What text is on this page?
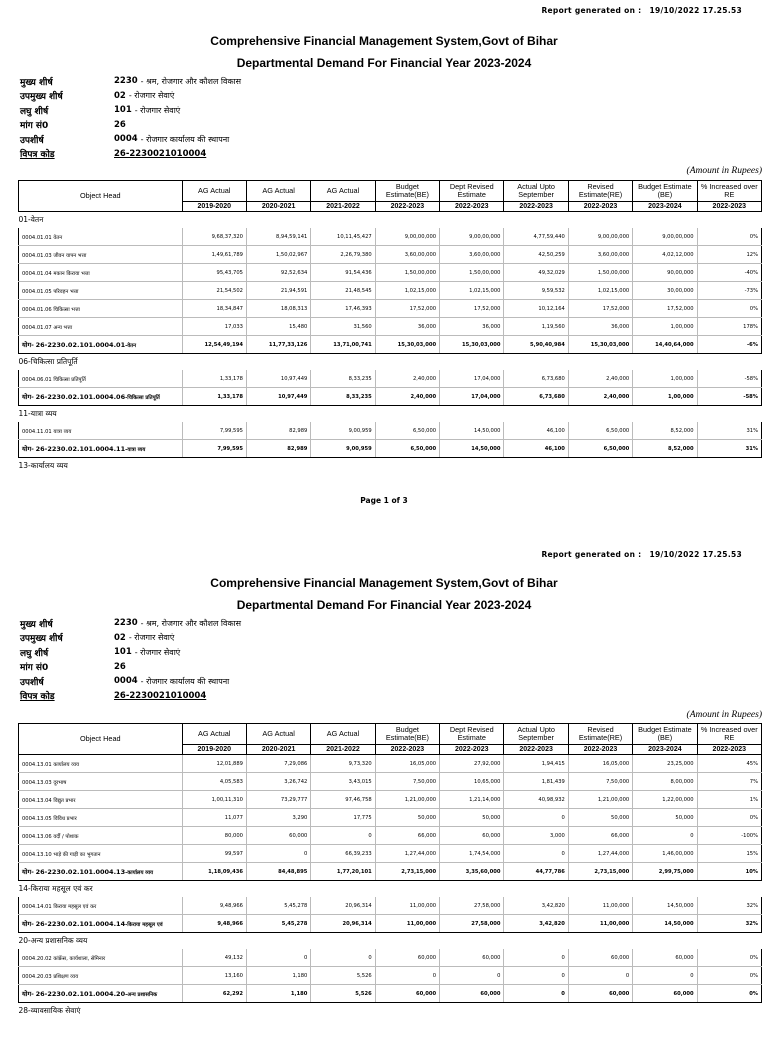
Report generated on : 19/10/2022 17.25.53
Comprehensive Financial Management System,Govt of Bihar
Departmental Demand For Financial Year 2023-2024
मुख्य शीर्ष	2230 - श्रम, रोजगार और कौशल विकास
उपमुख्य शीर्ष	02 - रोजगार सेवाएं
लघु शीर्ष	101 - रोजगार सेवाएं
मांग सं0	26
उपशीर्ष	0004 - रोजगार कार्यालय की स्थापना
विपत्र कोड	26-2230021010004
(Amount in Rupees)
Object Head	AG Actual	AG Actual	AG Actual	Budget Estimate(BE)	Dept Revised Estimate	Actual Upto September	Revised Estimate(RE)	Budget Estimate (BE)	% Increased over RE
	2019-2020	2020-2021	2021-2022	2022-2023	2022-2023	2022-2023	2022-2023	2023-2024	2022-2023
01-वेतन									
0004.01.01 वेतन	9,68,37,320	8,94,59,141	10,11,45,427	9,00,00,000	9,00,00,000	4,77,59,440	9,00,00,000	9,00,00,000	0%
0004.01.03 जीवन यापन भत्ता	1,49,61,789	1,50,02,967	2,26,79,380	3,60,00,000	3,60,00,000	42,50,259	3,60,00,000	4,02,12,000	12%
0004.01.04 मकान किराया भत्ता	95,43,705	92,52,634	91,54,436	1,50,00,000	1,50,00,000	49,32,029	1,50,00,000	90,00,000	-40%
0004.01.05 परिवहन भत्ता	21,54,502	21,94,591	21,48,545	1,02,15,000	1,02,15,000	9,59,532	1,02,15,000	30,00,000	-73%
0004.01.06 चिकित्सा भत्ता	18,34,847	18,08,313	17,46,393	17,52,000	17,52,000	10,12,164	17,52,000	17,52,000	0%
0004.01.07 अन्य भत्ता	17,033	15,480	31,560	36,000	36,000	1,19,560	36,000	1,00,000	178%
योग- 26-2230.02.101.0004.01-वेतन	12,54,49,194	11,77,33,126	13,71,00,741	15,30,03,000	15,30,03,000	5,90,40,984	15,30,03,000	14,40,64,000	-6%
06-चिकित्सा प्रतिपूर्ति									
0004.06.01 चिकित्सा प्रतिपूर्ति	1,33,178	10,97,449	8,33,235	2,40,000	17,04,000	6,73,680	2,40,000	1,00,000	-58%
योग- 26-2230.02.101.0004.06-चिकित्सा प्रतिपूर्ति	1,33,178	10,97,449	8,33,235	2,40,000	17,04,000	6,73,680	2,40,000	1,00,000	-58%
11-यात्रा व्यय									
0004.11.01 यात्रा व्यय	7,99,595	82,989	9,00,959	6,50,000	14,50,000	46,100	6,50,000	8,52,000	31%
योग- 26-2230.02.101.0004.11-यात्रा व्यय	7,99,595	82,989	9,00,959	6,50,000	14,50,000	46,100	6,50,000	8,52,000	31%
13-कार्यालय व्यय									
Page 1 of 3
Report generated on : 19/10/2022 17.25.53
Comprehensive Financial Management System,Govt of Bihar
Departmental Demand For Financial Year 2023-2024
मुख्य शीर्ष	2230 - श्रम, रोजगार और कौशल विकास
उपमुख्य शीर्ष	02 - रोजगार सेवाएं
लघु शीर्ष	101 - रोजगार सेवाएं
मांग सं0	26
उपशीर्ष	0004 - रोजगार कार्यालय की स्थापना
विपत्र कोड	26-2230021010004
(Amount in Rupees)
Object Head	AG Actual	AG Actual	AG Actual	Budget Estimate(BE)	Dept Revised Estimate	Actual Upto September	Revised Estimate(RE)	Budget Estimate (BE)	% Increased over RE
	2019-2020	2020-2021	2021-2022	2022-2023	2022-2023	2022-2023	2022-2023	2023-2024	2022-2023
0004.13.01 कार्यालय व्यय	12,01,889	7,29,086	9,73,320	16,05,000	27,92,000	1,94,415	16,05,000	23,25,000	45%
0004.13.03 दूरभाष	4,05,583	3,26,742	3,43,015	7,50,000	10,65,000	1,81,439	7,50,000	8,00,000	7%
0004.13.04 विद्युत प्रभार	1,00,11,310	73,29,777	97,46,758	1,21,00,000	1,21,14,000	40,98,932	1,21,00,000	1,22,00,000	1%
0004.13.05 विविध प्रभार	11,077	3,290	17,775	50,000	50,000	0	50,000	50,000	0%
0004.13.06 वर्दी / पोशाक	80,000	60,000	0	66,000	60,000	3,000	66,000	0	-100%
0004.13.10 भाड़े की गाड़ी का भुगतान	99,597	0	66,39,233	1,27,44,000	1,74,54,000	0	1,27,44,000	1,46,00,000	15%
योग- 26-2230.02.101.0004.13-कार्यालय व्यय	1,18,09,436	84,48,895	1,77,20,101	2,73,15,000	3,35,60,000	44,77,786	2,73,15,000	2,99,75,000	10%
14-किराया महसूल एवं कर									
0004.14.01 किराया महसूल एवं कर	9,48,966	5,45,278	20,96,314	11,00,000	27,58,000	3,42,820	11,00,000	14,50,000	32%
योग- 26-2230.02.101.0004.14-किराया महसूल एवं	9,48,966	5,45,278	20,96,314	11,00,000	27,58,000	3,42,820	11,00,000	14,50,000	32%
20-अन्य प्रशासनिक व्यय									
0004.20.02 कांफ्रेंस, कार्यशाला, सेमिनार	49,132	0	0	60,000	60,000	0	60,000	60,000	0%
0004.20.03 प्रशिक्षण व्यय	13,160	1,180	5,526	0	0	0	0	0	0%
योग- 26-2230.02.101.0004.20-अन्य प्रशासनिक	62,292	1,180	5,526	60,000	60,000	0	60,000	60,000	0%
28-व्यावसायिक सेवाएं									
